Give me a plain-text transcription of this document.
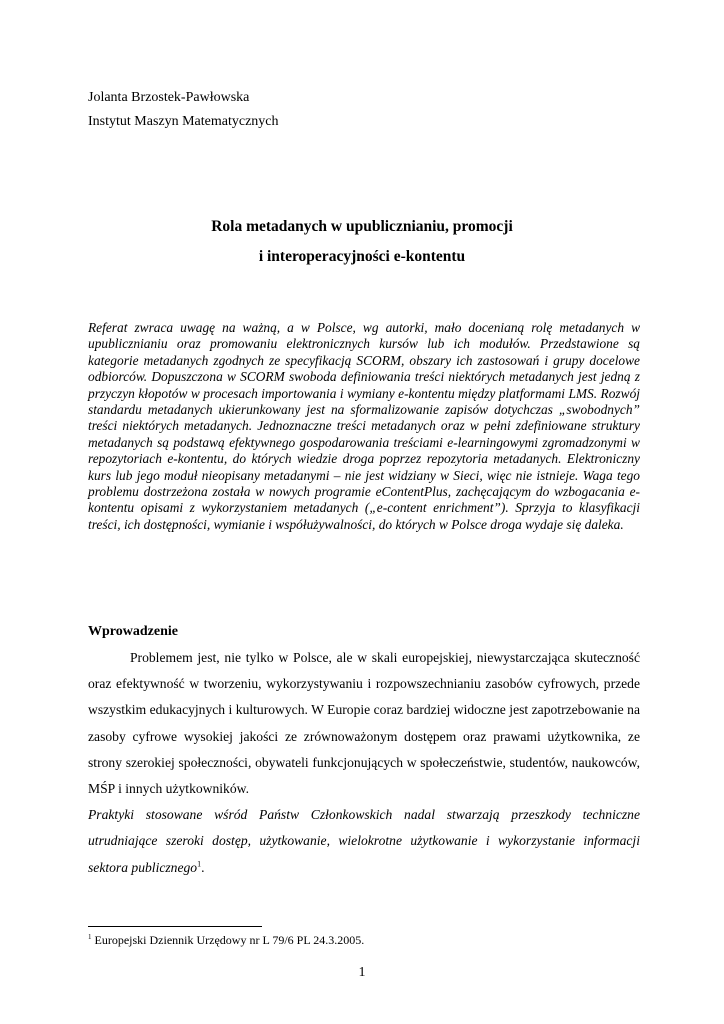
Jolanta Brzostek-Pawłowska
Instytut Maszyn Matematycznych
Rola metadanych w upublicznianiu, promocji
i interoperacyjności e-kontentu
Referat zwraca uwagę na ważną, a w Polsce, wg autorki, mało docenianą rolę metadanych w upublicznianiu oraz promowaniu elektronicznych kursów lub ich modułów. Przedstawione są kategorie metadanych zgodnych ze specyfikacją SCORM, obszary ich zastosowań i grupy docelowe odbiorców. Dopuszczona w SCORM swoboda definiowania treści niektórych metadanych jest jedną z przyczyn kłopotów w procesach importowania i wymiany e-kontentu między platformami LMS. Rozwój standardu metadanych ukierunkowany jest na sformalizowanie zapisów dotychczas „swobodnych” treści niektórych metadanych. Jednoznaczne treści metadanych oraz w pełni zdefiniowane struktury metadanych są podstawą efektywnego gospodarowania treściami e-learningowymi zgromadzonymi w repozytoriach e-kontentu, do których wiedzie droga poprzez repozytoria metadanych. Elektroniczny kurs lub jego moduł nieopisany metadanymi – nie jest widziany w Sieci, więc nie istnieje. Waga tego problemu dostrzeżona została w nowych programie eContentPlus, zachęcającym do wzbogacania e-kontentu opisami z wykorzystaniem metadanych („e-content enrichment”). Sprzyja to klasyfikacji treści, ich dostępności, wymianie i współużywalności, do których w Polsce droga wydaje się daleka.
Wprowadzenie

Problemem jest, nie tylko w Polsce, ale w skali europejskiej, niewystarczająca skuteczność oraz efektywność w tworzeniu, wykorzystywaniu i rozpowszechnianiu zasobów cyfrowych, przede wszystkim edukacyjnych i kulturowych. W Europie coraz bardziej widoczne jest zapotrzebowanie na zasoby cyfrowe wysokiej jakości ze zrównoważonym dostępem oraz prawami użytkownika, ze strony szerokiej społeczności, obywateli funkcjonujących w społeczeństwie, studentów, naukowców, MŚP i innych użytkowników.

Praktyki stosowane wśród Państw Członkowskich nadal stwarzają przeszkody techniczne utrudniające szeroki dostęp, użytkowanie, wielokrotne użytkowanie i wykorzystanie informacji sektora publicznego$^1$.

$^1$ Europejski Dziennik Urzędowy nr L 79/6 PL 24.3.2005.
1
